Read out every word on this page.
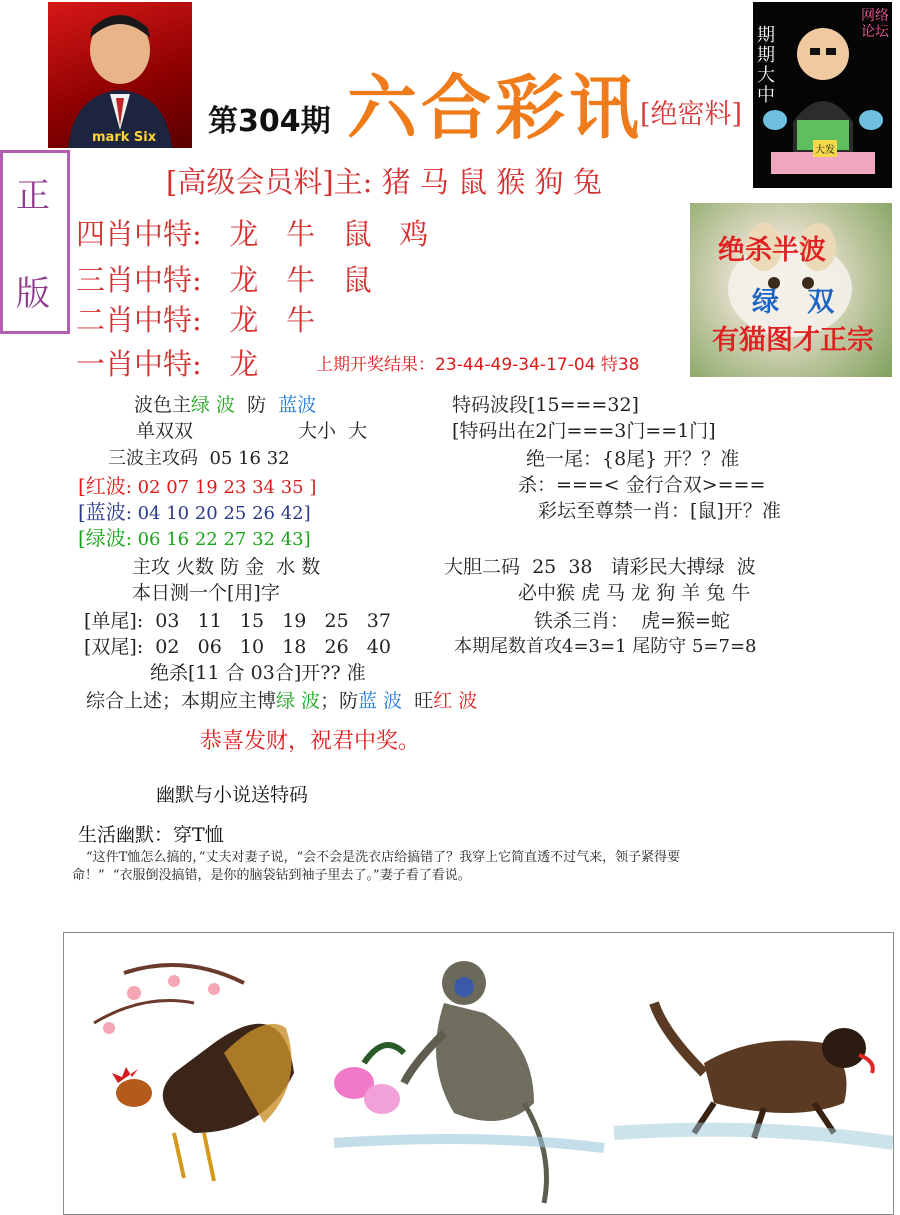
mark Six 第304期 六合彩讯
[绝密料]
期期大中
网络论坛
大发
正
版
[高级会员料]主: 猪 马 鼠 猴 狗 兔
四肖中特:   龙   牛   鼠   鸡
三肖中特:   龙   牛   鼠
二肖中特:   龙   牛
一肖中特:   龙	上期开奖结果：23-44-49-34-17-04 特38
绝杀半波
绿   双
有猫图才正宗
波色主绿 波  防  蓝波
单双双	大小  大
三波主攻码  05 16 32
[红波: 02 07 19 23 34 35 ]
[蓝波: 04 10 20 25 26 42]
[绿波: 06 16 22 27 32 43]
主攻 火数 防 金  水 数
本日测一个[用]字
[单尾]:  03   11   15   19   25   37
[双尾]:  02   06   10   18   26   40
绝杀[11 合 03合]开?? 准
综合上述；本期应主博绿 波；防蓝 波  旺红 波
恭喜发财，祝君中奖。
特码波段[15===32]
[特码出在2门===3门==1门]
绝一尾：{8尾} 开？？准
杀：===< 金行合双>===
彩坛至尊禁一肖：[鼠]开？准
大胆二码  25  38   请彩民大搏绿  波
必中猴 虎 马 龙 狗 羊 兔 牛
铁杀三肖：  虎=猴=蛇
本期尾数首攻4=3=1 尾防守 5=7=8
幽默与小说送特码
生活幽默：穿T恤
“这件T恤怎么搞的，”丈夫对妻子说，“会不会是洗衣店给搞错了？我穿上它简直透不过气来，领子紧得要
命！”  “衣服倒没搞错，是你的脑袋钻到袖子里去了。”妻子看了看说。
